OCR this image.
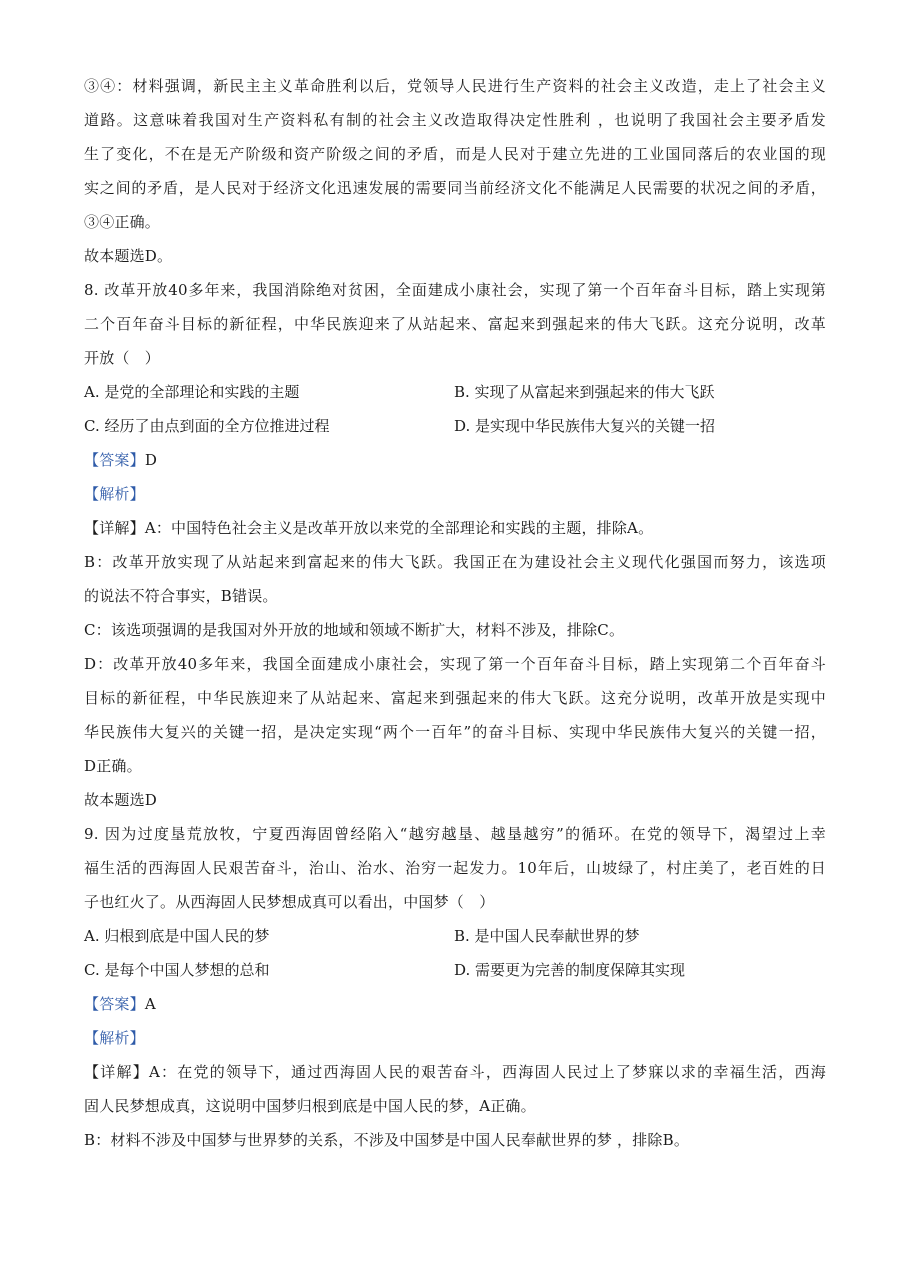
③④：材料强调，新民主主义革命胜利以后，党领导人民进行生产资料的社会主义改造，走上了社会主义
道路。这意味着我国对生产资料私有制的社会主义改造取得决定性胜利 ，也说明了我国社会主要矛盾发
生了变化，不在是无产阶级和资产阶级之间的矛盾，而是人民对于建立先进的工业国同落后的农业国的现
实之间的矛盾，是人民对于经济文化迅速发展的需要同当前经济文化不能满足人民需要的状况之间的矛盾，
③④正确。
故本题选D。
8. 改革开放40多年来，我国消除绝对贫困，全面建成小康社会，实现了第一个百年奋斗目标，踏上实现第
二个百年奋斗目标的新征程，中华民族迎来了从站起来、富起来到强起来的伟大飞跃。这充分说明，改革
开放（　）
A. 是党的全部理论和实践的主题	B. 实现了从富起来到强起来的伟大飞跃
C. 经历了由点到面的全方位推进过程	D. 是实现中华民族伟大复兴的关键一招
【答案】D
【解析】
【详解】A：中国特色社会主义是改革开放以来党的全部理论和实践的主题，排除A。
B：改革开放实现了从站起来到富起来的伟大飞跃。我国正在为建设社会主义现代化强国而努力，该选项
的说法不符合事实，B错误。
C：该选项强调的是我国对外开放的地域和领域不断扩大，材料不涉及，排除C。
D：改革开放40多年来，我国全面建成小康社会，实现了第一个百年奋斗目标，踏上实现第二个百年奋斗
目标的新征程，中华民族迎来了从站起来、富起来到强起来的伟大飞跃。这充分说明，改革开放是实现中
华民族伟大复兴的关键一招，是决定实现“两个一百年”的奋斗目标、实现中华民族伟大复兴的关键一招，
D正确。
故本题选D
9. 因为过度垦荒放牧，宁夏西海固曾经陷入“越穷越垦、越垦越穷”的循环。在党的领导下，渴望过上幸
福生活的西海固人民艰苦奋斗，治山、治水、治穷一起发力。10年后，山坡绿了，村庄美了，老百姓的日
子也红火了。从西海固人民梦想成真可以看出，中国梦（　）
A. 归根到底是中国人民的梦	B. 是中国人民奉献世界的梦
C. 是每个中国人梦想的总和	D. 需要更为完善的制度保障其实现
【答案】A
【解析】
【详解】A：在党的领导下，通过西海固人民的艰苦奋斗，西海固人民过上了梦寐以求的幸福生活，西海
固人民梦想成真，这说明中国梦归根到底是中国人民的梦，A正确。
B：材料不涉及中国梦与世界梦的关系，不涉及中国梦是中国人民奉献世界的梦 ，排除B。
